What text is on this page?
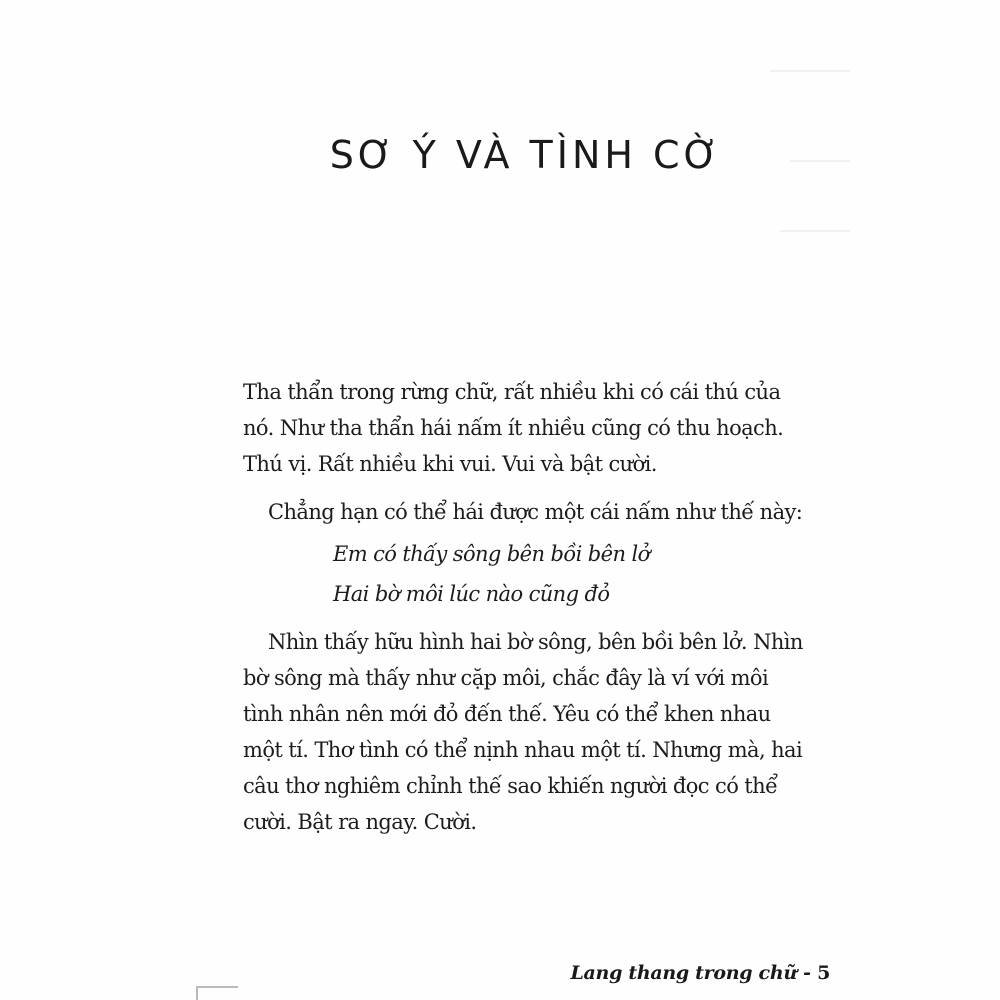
SƠ Ý VÀ TÌNH CỜ

Tha thẩn trong rừng chữ, rất nhiều khi có cái thú của
nó. Như tha thẩn hái nấm ít nhiều cũng có thu hoạch.
Thú vị. Rất nhiều khi vui. Vui và bật cười.

Chẳng hạn có thể hái được một cái nấm như thế này:

Em có thấy sông bên bồi bên lở
Hai bờ môi lúc nào cũng đỏ

Nhìn thấy hữu hình hai bờ sông, bên bồi bên lở. Nhìn
bờ sông mà thấy như cặp môi, chắc đây là ví với môi
tình nhân nên mới đỏ đến thế. Yêu có thể khen nhau
một tí. Thơ tình có thể nịnh nhau một tí. Nhưng mà, hai
câu thơ nghiêm chỉnh thế sao khiến người đọc có thể
cười. Bật ra ngay. Cười.

Lang thang trong chữ - 5
